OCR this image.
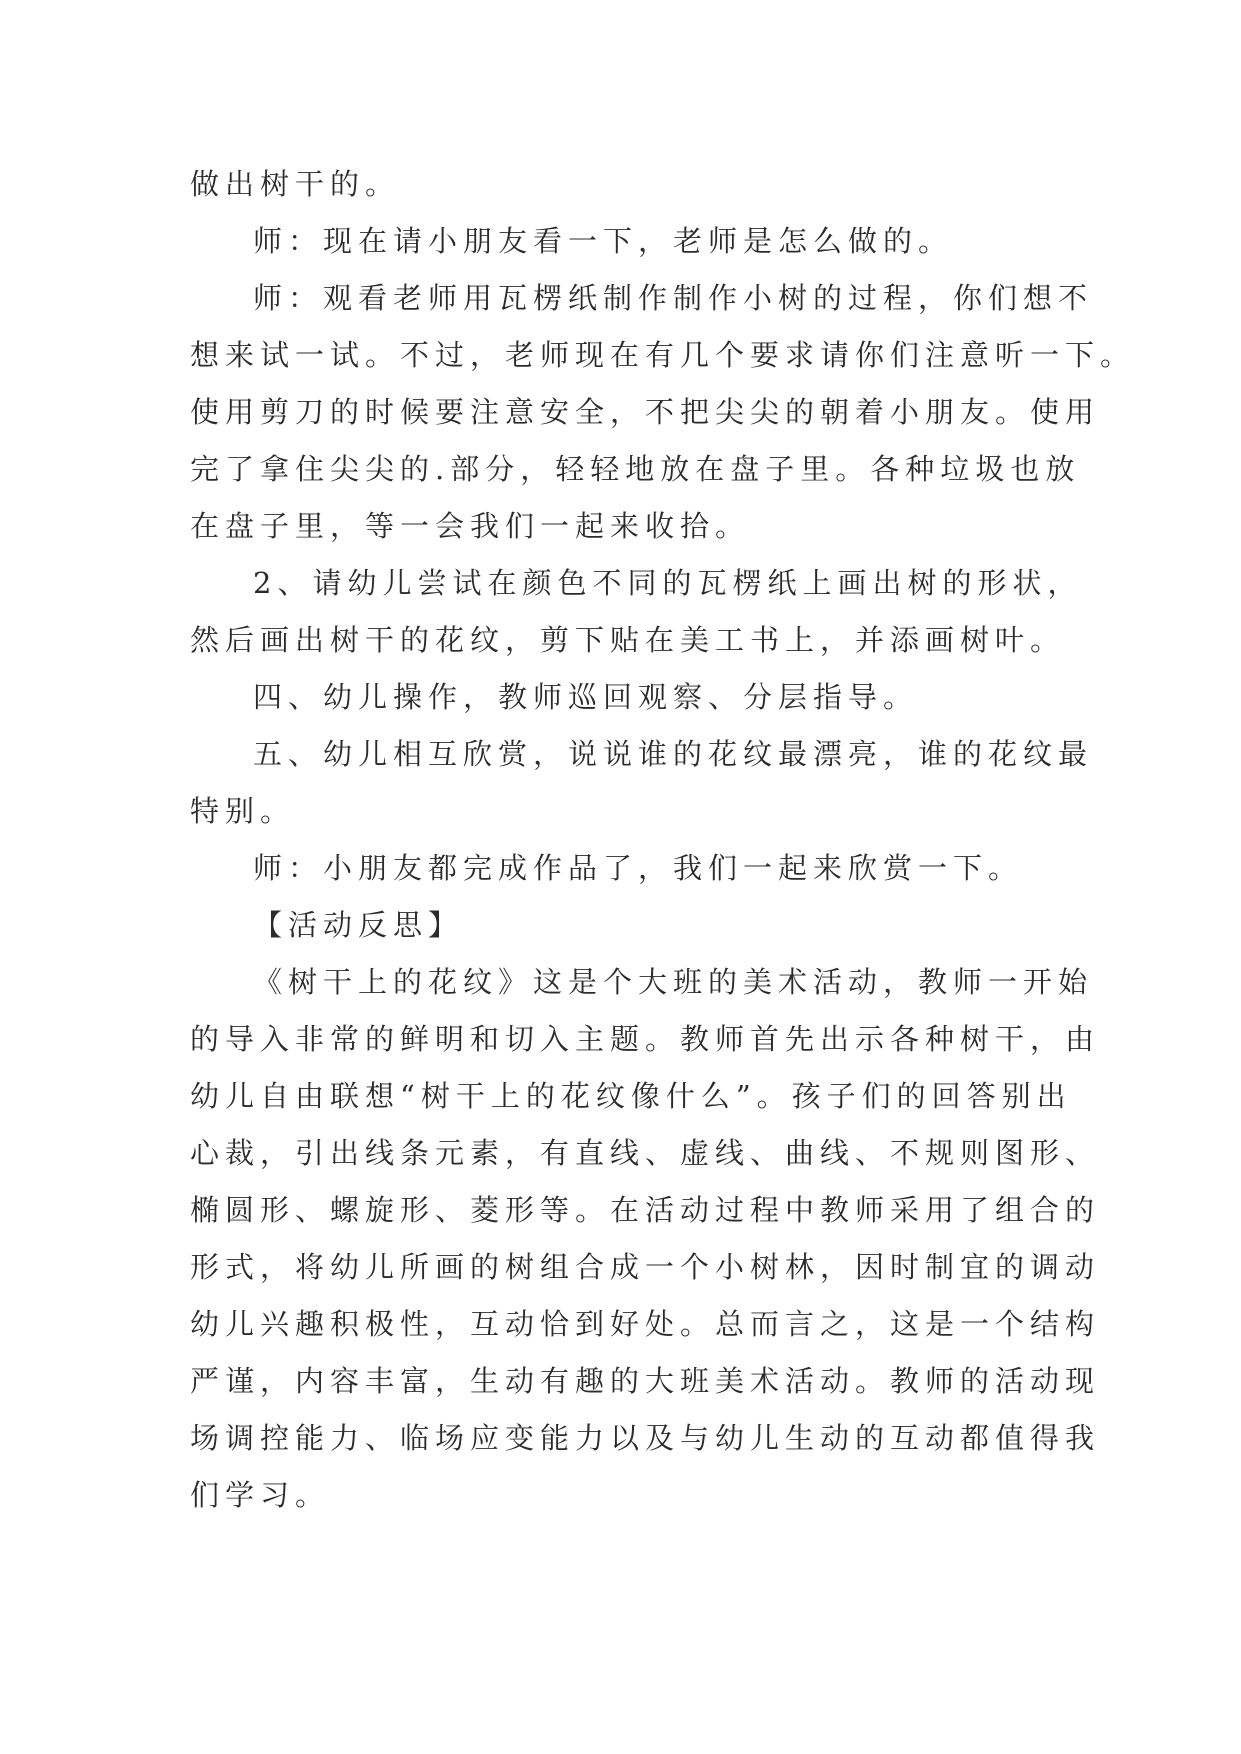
做出树干的。
师：现在请小朋友看一下，老师是怎么做的。
师：观看老师用瓦楞纸制作制作小树的过程，你们想不
想来试一试。不过，老师现在有几个要求请你们注意听一下。
使用剪刀的时候要注意安全，不把尖尖的朝着小朋友。使用
完了拿住尖尖的.部分，轻轻地放在盘子里。各种垃圾也放
在盘子里，等一会我们一起来收拾。
2、请幼儿尝试在颜色不同的瓦楞纸上画出树的形状，
然后画出树干的花纹，剪下贴在美工书上，并添画树叶。
四、幼儿操作，教师巡回观察、分层指导。
五、幼儿相互欣赏，说说谁的花纹最漂亮，谁的花纹最
特别。
师：小朋友都完成作品了，我们一起来欣赏一下。
【活动反思】
《树干上的花纹》这是个大班的美术活动，教师一开始
的导入非常的鲜明和切入主题。教师首先出示各种树干，由
幼儿自由联想“树干上的花纹像什么”。孩子们的回答别出
心裁，引出线条元素，有直线、虚线、曲线、不规则图形、
椭圆形、螺旋形、菱形等。在活动过程中教师采用了组合的
形式，将幼儿所画的树组合成一个小树林，因时制宜的调动
幼儿兴趣积极性，互动恰到好处。总而言之，这是一个结构
严谨，内容丰富，生动有趣的大班美术活动。教师的活动现
场调控能力、临场应变能力以及与幼儿生动的互动都值得我
们学习。
